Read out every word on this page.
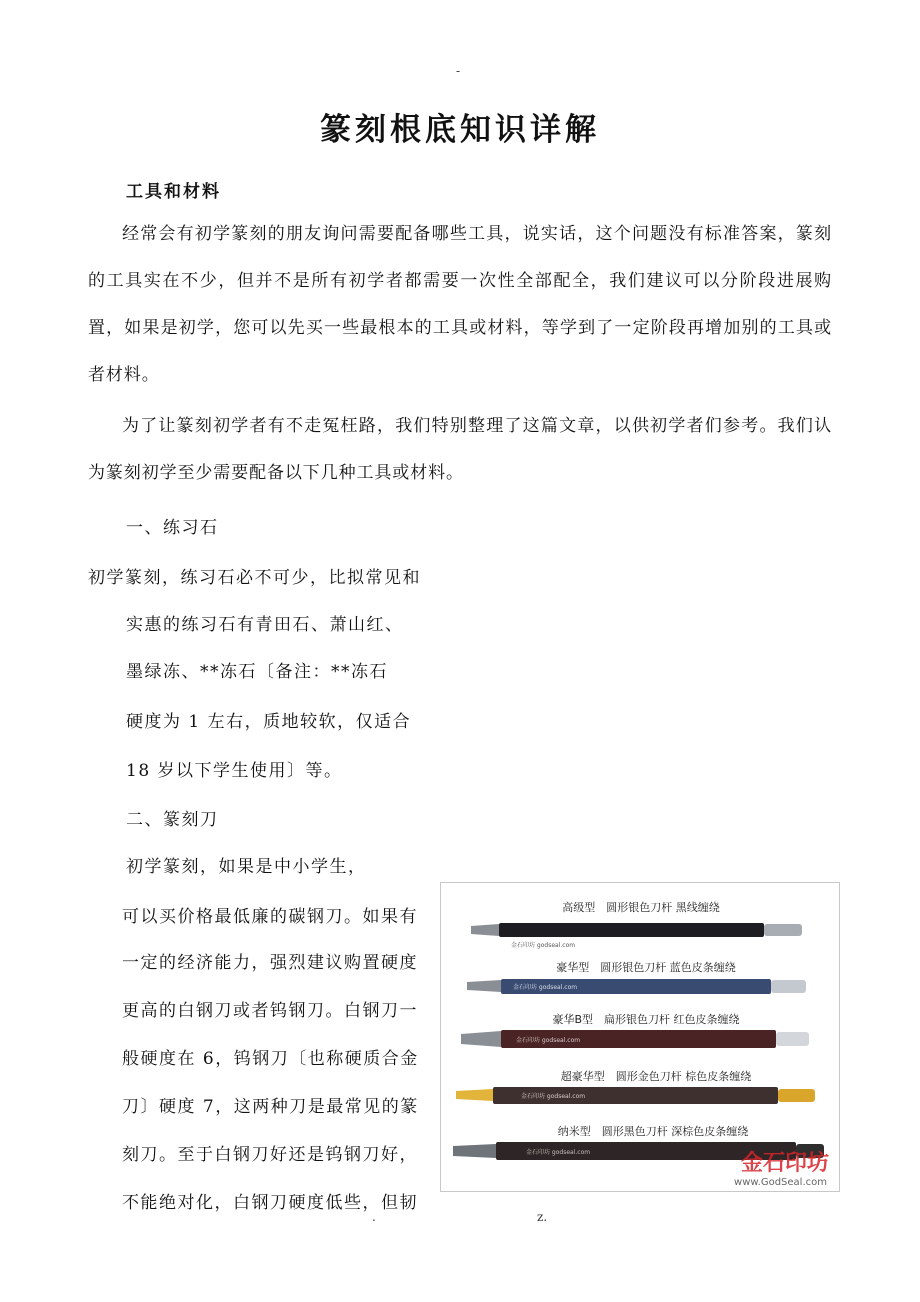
-
篆刻根底知识详解
工具和材料
经常会有初学篆刻的朋友询问需要配备哪些工具，说实话，这个问题没有标准答案，篆刻的工具实在不少，但并不是所有初学者都需要一次性全部配全，我们建议可以分阶段进展购置，如果是初学，您可以先买一些最根本的工具或材料，等学到了一定阶段再增加别的工具或者材料。
为了让篆刻初学者有不走冤枉路，我们特别整理了这篇文章，以供初学者们参考。我们认为篆刻初学至少需要配备以下几种工具或材料。
一、练习石
初学篆刻，练习石必不可少，比拟常见和
实惠的练习石有青田石、萧山红、
墨绿冻、**冻石〔备注：**冻石
硬度为 1 左右，质地较软，仅适合
18 岁以下学生使用〕等。
二、篆刻刀
初学篆刻，如果是中小学生，
可以买价格最低廉的碳钢刀。如果有
一定的经济能力，强烈建议购置硬度
更高的白钢刀或者钨钢刀。白钢刀一
般硬度在 6，钨钢刀〔也称硬质合金
刀〕硬度 7，这两种刀是最常见的篆
刻刀。至于白钢刀好还是钨钢刀好，
不能绝对化，白钢刀硬度低些，但韧
高级型　圆形银色刀杆 黑线缠绕
金石印坊 godseal.com
豪华型　圆形银色刀杆 蓝色皮条缠绕
金石印坊 godseal.com
豪华B型　扁形银色刀杆 红色皮条缠绕
金石印坊 godseal.com
超豪华型　圆形金色刀杆 棕色皮条缠绕
金石印坊 godseal.com
纳米型　圆形黑色刀杆 深棕色皮条缠绕
金石印坊 godseal.com	金石印坊
www.GodSeal.com
.	z.
